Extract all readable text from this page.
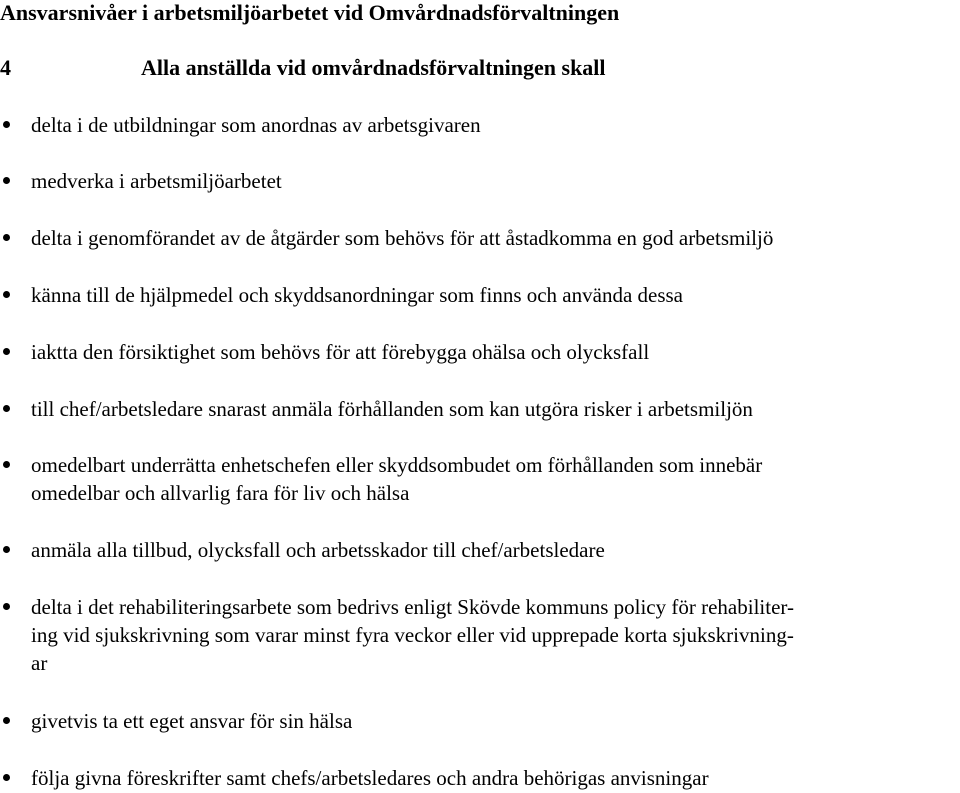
Ansvarsnivåer i arbetsmiljöarbetet vid Omvårdnadsförvaltningen
4	Alla anställda vid omvårdnadsförvaltningen skall
delta i de utbildningar som anordnas av arbetsgivaren
medverka i arbetsmiljöarbetet
delta i genomförandet av de åtgärder som behövs för att åstadkomma en god arbetsmiljö
känna till de hjälpmedel och skyddsanordningar som finns och använda dessa
iaktta den försiktighet som behövs för att förebygga ohälsa och olycksfall
till chef/arbetsledare snarast anmäla förhållanden som kan utgöra risker i arbetsmiljön
omedelbart underrätta enhetschefen eller skyddsombudet om förhållanden som innebär
omedelbar och allvarlig fara för liv och hälsa
anmäla alla tillbud, olycksfall och arbetsskador till chef/arbetsledare
delta i det rehabiliteringsarbete som bedrivs enligt Skövde kommuns policy för rehabiliter-
ing vid sjukskrivning som varar minst fyra veckor eller vid upprepade korta sjukskrivning-
ar
givetvis ta ett eget ansvar för sin hälsa
följa givna föreskrifter samt chefs/arbetsledares och andra behörigas anvisningar
